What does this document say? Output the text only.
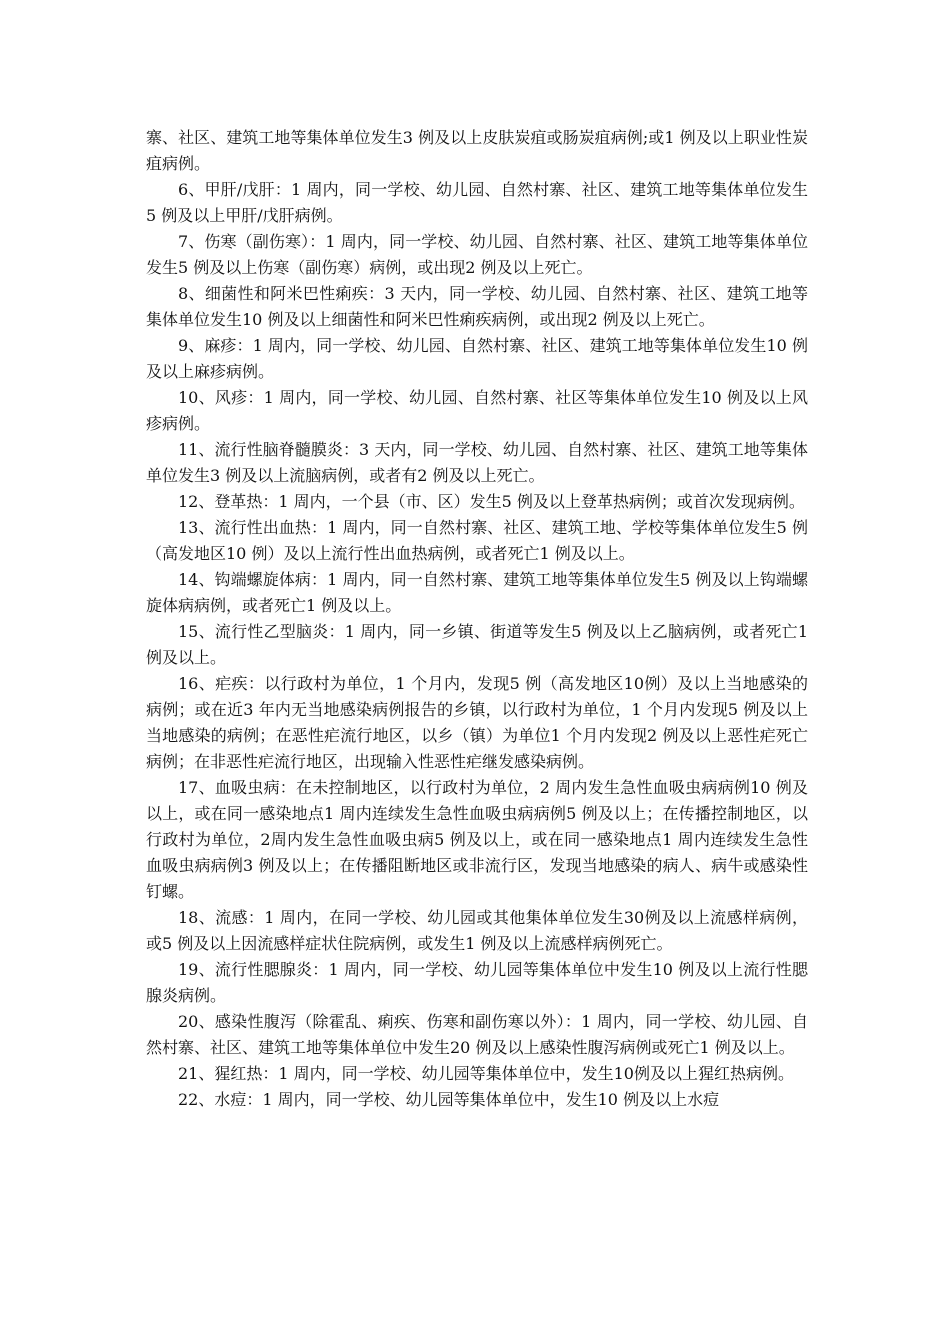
寨、社区、建筑工地等集体单位发生3 例及以上皮肤炭疽或肠炭疽病例;或1 例及以上职业性炭疽病例。

6、甲肝/戊肝：1 周内，同一学校、幼儿园、自然村寨、社区、建筑工地等集体单位发生5 例及以上甲肝/戊肝病例。

7、伤寒（副伤寒）：1 周内，同一学校、幼儿园、自然村寨、社区、建筑工地等集体单位发生5 例及以上伤寒（副伤寒）病例，或出现2 例及以上死亡。

8、细菌性和阿米巴性痢疾：3 天内，同一学校、幼儿园、自然村寨、社区、建筑工地等集体单位发生10 例及以上细菌性和阿米巴性痢疾病例，或出现2 例及以上死亡。

9、麻疹：1 周内，同一学校、幼儿园、自然村寨、社区、建筑工地等集体单位发生10 例及以上麻疹病例。

10、风疹：1 周内，同一学校、幼儿园、自然村寨、社区等集体单位发生10 例及以上风疹病例。

11、流行性脑脊髓膜炎：3 天内，同一学校、幼儿园、自然村寨、社区、建筑工地等集体单位发生3 例及以上流脑病例，或者有2 例及以上死亡。

12、登革热：1 周内，一个县（市、区）发生5 例及以上登革热病例；或首次发现病例。

13、流行性出血热：1 周内，同一自然村寨、社区、建筑工地、学校等集体单位发生5 例（高发地区10 例）及以上流行性出血热病例，或者死亡1 例及以上。

14、钩端螺旋体病：1 周内，同一自然村寨、建筑工地等集体单位发生5 例及以上钩端螺旋体病病例，或者死亡1 例及以上。

15、流行性乙型脑炎：1 周内，同一乡镇、街道等发生5 例及以上乙脑病例，或者死亡1 例及以上。

16、疟疾：以行政村为单位，1 个月内，发现5 例（高发地区10例）及以上当地感染的病例；或在近3 年内无当地感染病例报告的乡镇，以行政村为单位，1 个月内发现5 例及以上当地感染的病例；在恶性疟流行地区，以乡（镇）为单位1 个月内发现2 例及以上恶性疟死亡病例；在非恶性疟流行地区，出现输入性恶性疟继发感染病例。

17、血吸虫病：在未控制地区，以行政村为单位，2 周内发生急性血吸虫病病例10 例及以上，或在同一感染地点1 周内连续发生急性血吸虫病病例5 例及以上；在传播控制地区，以行政村为单位，2周内发生急性血吸虫病5 例及以上，或在同一感染地点1 周内连续发生急性血吸虫病病例3 例及以上；在传播阻断地区或非流行区，发现当地感染的病人、病牛或感染性钉螺。

18、流感：1 周内，在同一学校、幼儿园或其他集体单位发生30例及以上流感样病例，或5 例及以上因流感样症状住院病例，或发生1 例及以上流感样病例死亡。

19、流行性腮腺炎：1 周内，同一学校、幼儿园等集体单位中发生10 例及以上流行性腮腺炎病例。

20、感染性腹泻（除霍乱、痢疾、伤寒和副伤寒以外）：1 周内，同一学校、幼儿园、自然村寨、社区、建筑工地等集体单位中发生20 例及以上感染性腹泻病例或死亡1 例及以上。

21、猩红热：1 周内，同一学校、幼儿园等集体单位中，发生10例及以上猩红热病例。

22、水痘：1 周内，同一学校、幼儿园等集体单位中，发生10 例及以上水痘
